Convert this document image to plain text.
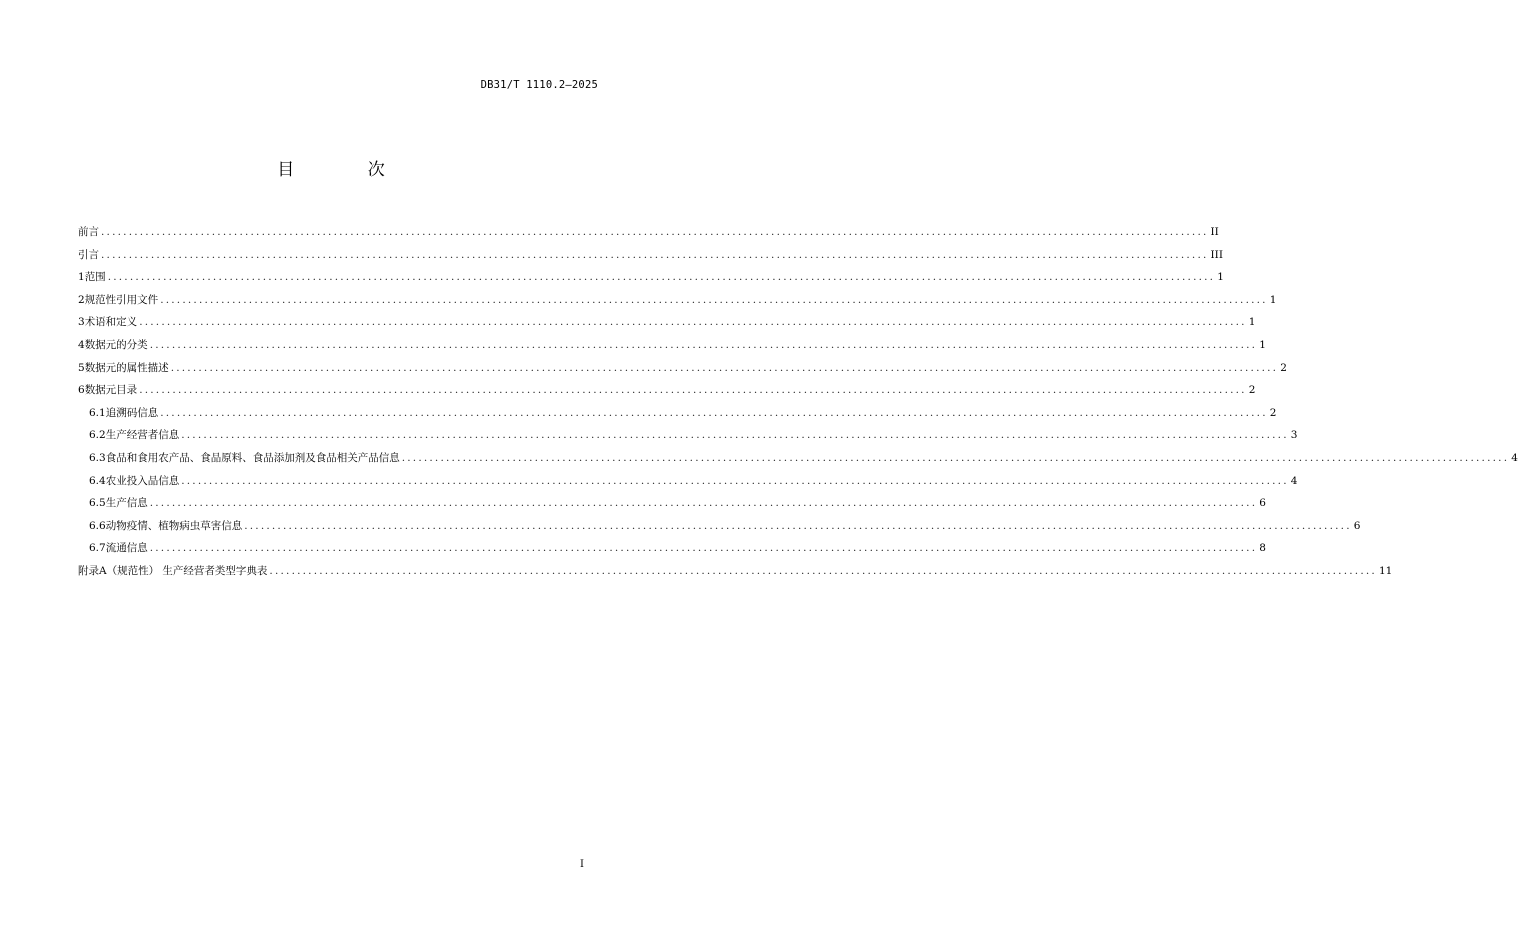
DB31/T 1110.2—2025
目 次
前言 ........................................................................................................................................................................................................ II
引言 ........................................................................................................................................................................................................ III
1 范围 ........................................................................................................................................................................................................ 1
2 规范性引用文件 ........................................................................................................................................................................................................ 1
3 术语和定义 ........................................................................................................................................................................................................ 1
4 数据元的分类 ........................................................................................................................................................................................................ 1
5 数据元的属性描述 ........................................................................................................................................................................................................ 2
6 数据元目录 ........................................................................................................................................................................................................ 2
6.1 追溯码信息 ........................................................................................................................................................................................................ 2
6.2 生产经营者信息 ........................................................................................................................................................................................................ 3
6.3 食品和食用农产品、食品原料、食品添加剂及食品相关产品信息 ........................................................................................................................................................................................................ 4
6.4 农业投入品信息 ........................................................................................................................................................................................................ 4
6.5 生产信息 ........................................................................................................................................................................................................ 6
6.6 动物疫情、植物病虫草害信息 ........................................................................................................................................................................................................ 6
6.7 流通信息 ........................................................................................................................................................................................................ 8
附录A（规范性） 生产经营者类型字典表 ........................................................................................................................................................................................................ 11
I
